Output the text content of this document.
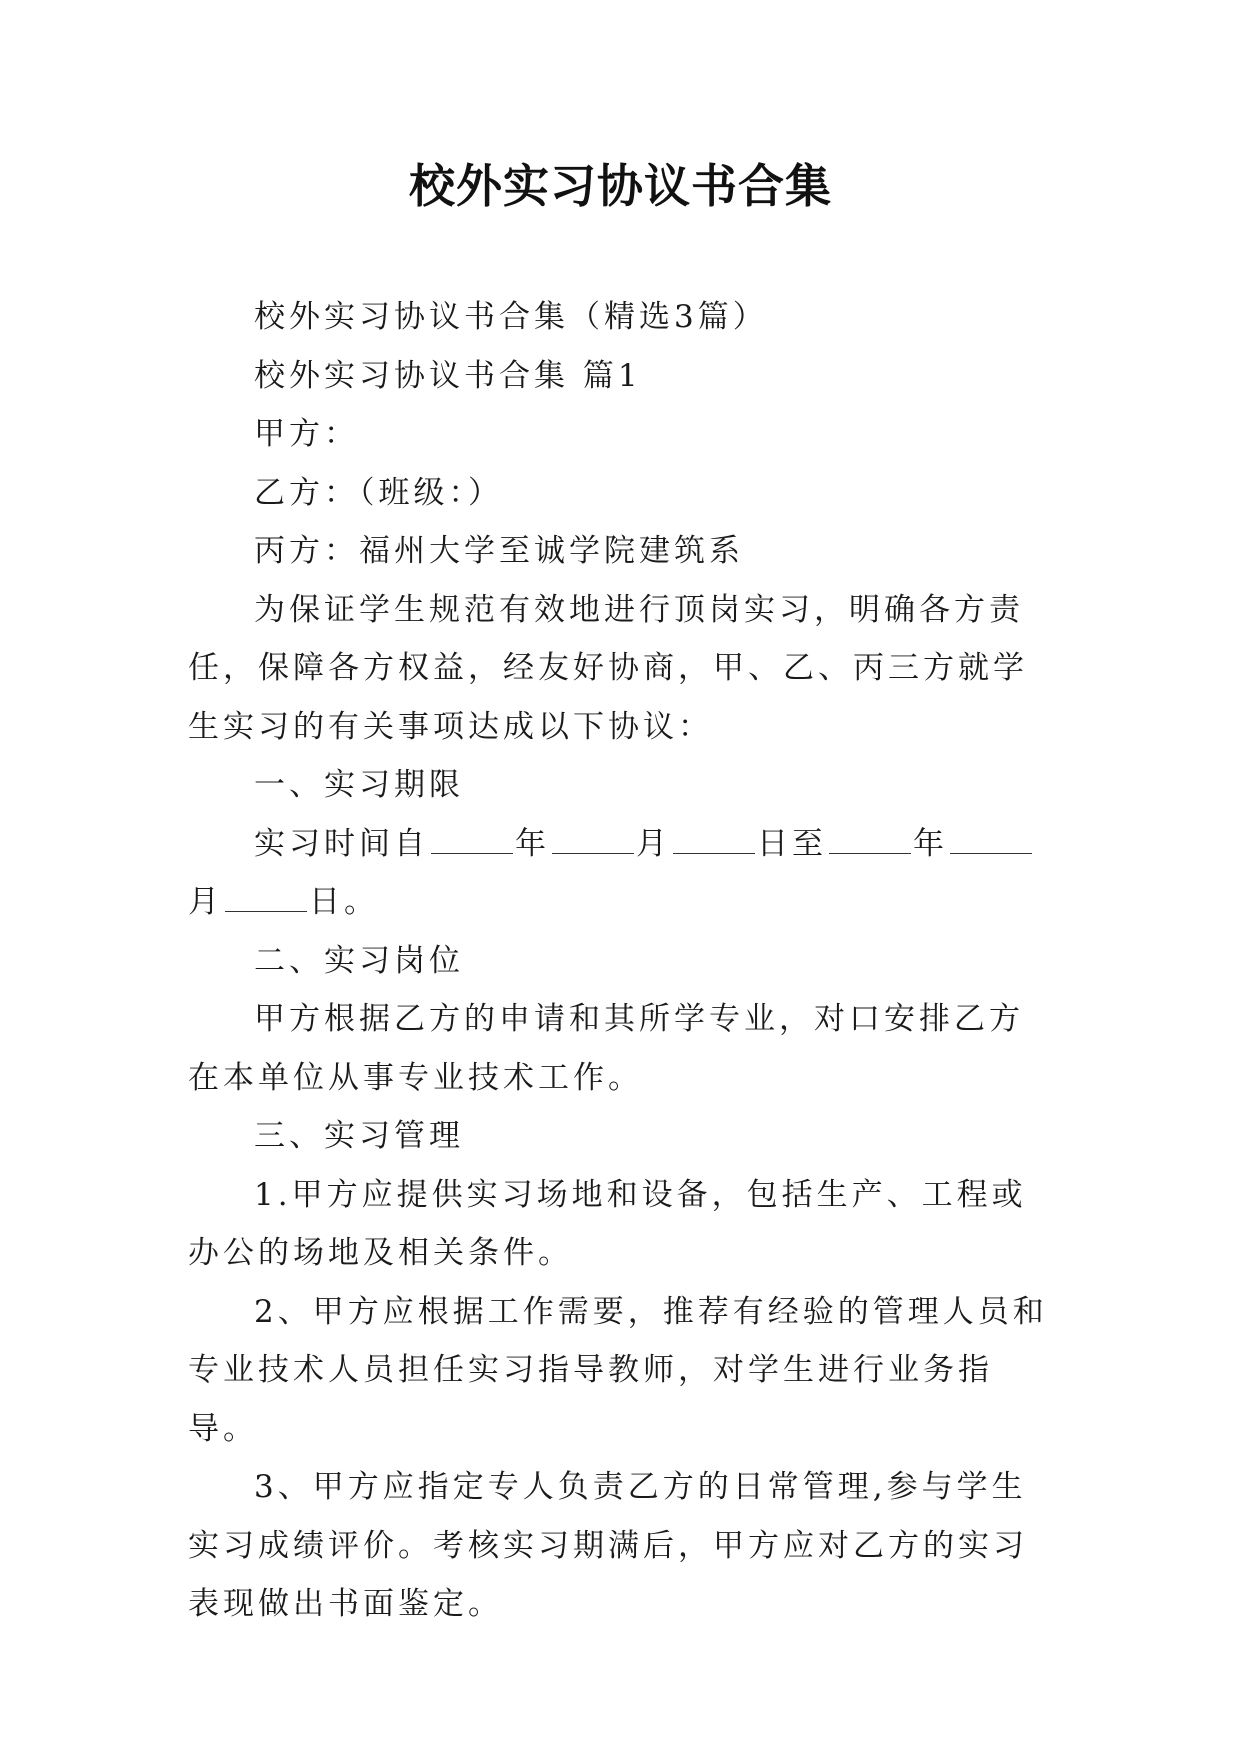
校外实习协议书合集

校外实习协议书合集（精选3篇）

校外实习协议书合集 篇1

甲方：

乙方：（班级：）

丙方：福州大学至诚学院建筑系

为保证学生规范有效地进行顶岗实习，明确各方责任，保障各方权益，经友好协商，甲、乙、丙三方就学生实习的有关事项达成以下协议：

一、实习期限

实习时间自	年	月	日至	年月	日。

二、实习岗位

甲方根据乙方的申请和其所学专业，对口安排乙方在本单位从事专业技术工作。

三、实习管理

1.甲方应提供实习场地和设备，包括生产、工程或办公的场地及相关条件。

2、甲方应根据工作需要，推荐有经验的管理人员和专业技术人员担任实习指导教师，对学生进行业务指导。

3、甲方应指定专人负责乙方的日常管理,参与学生实习成绩评价。考核实习期满后，甲方应对乙方的实习表现做出书面鉴定。
